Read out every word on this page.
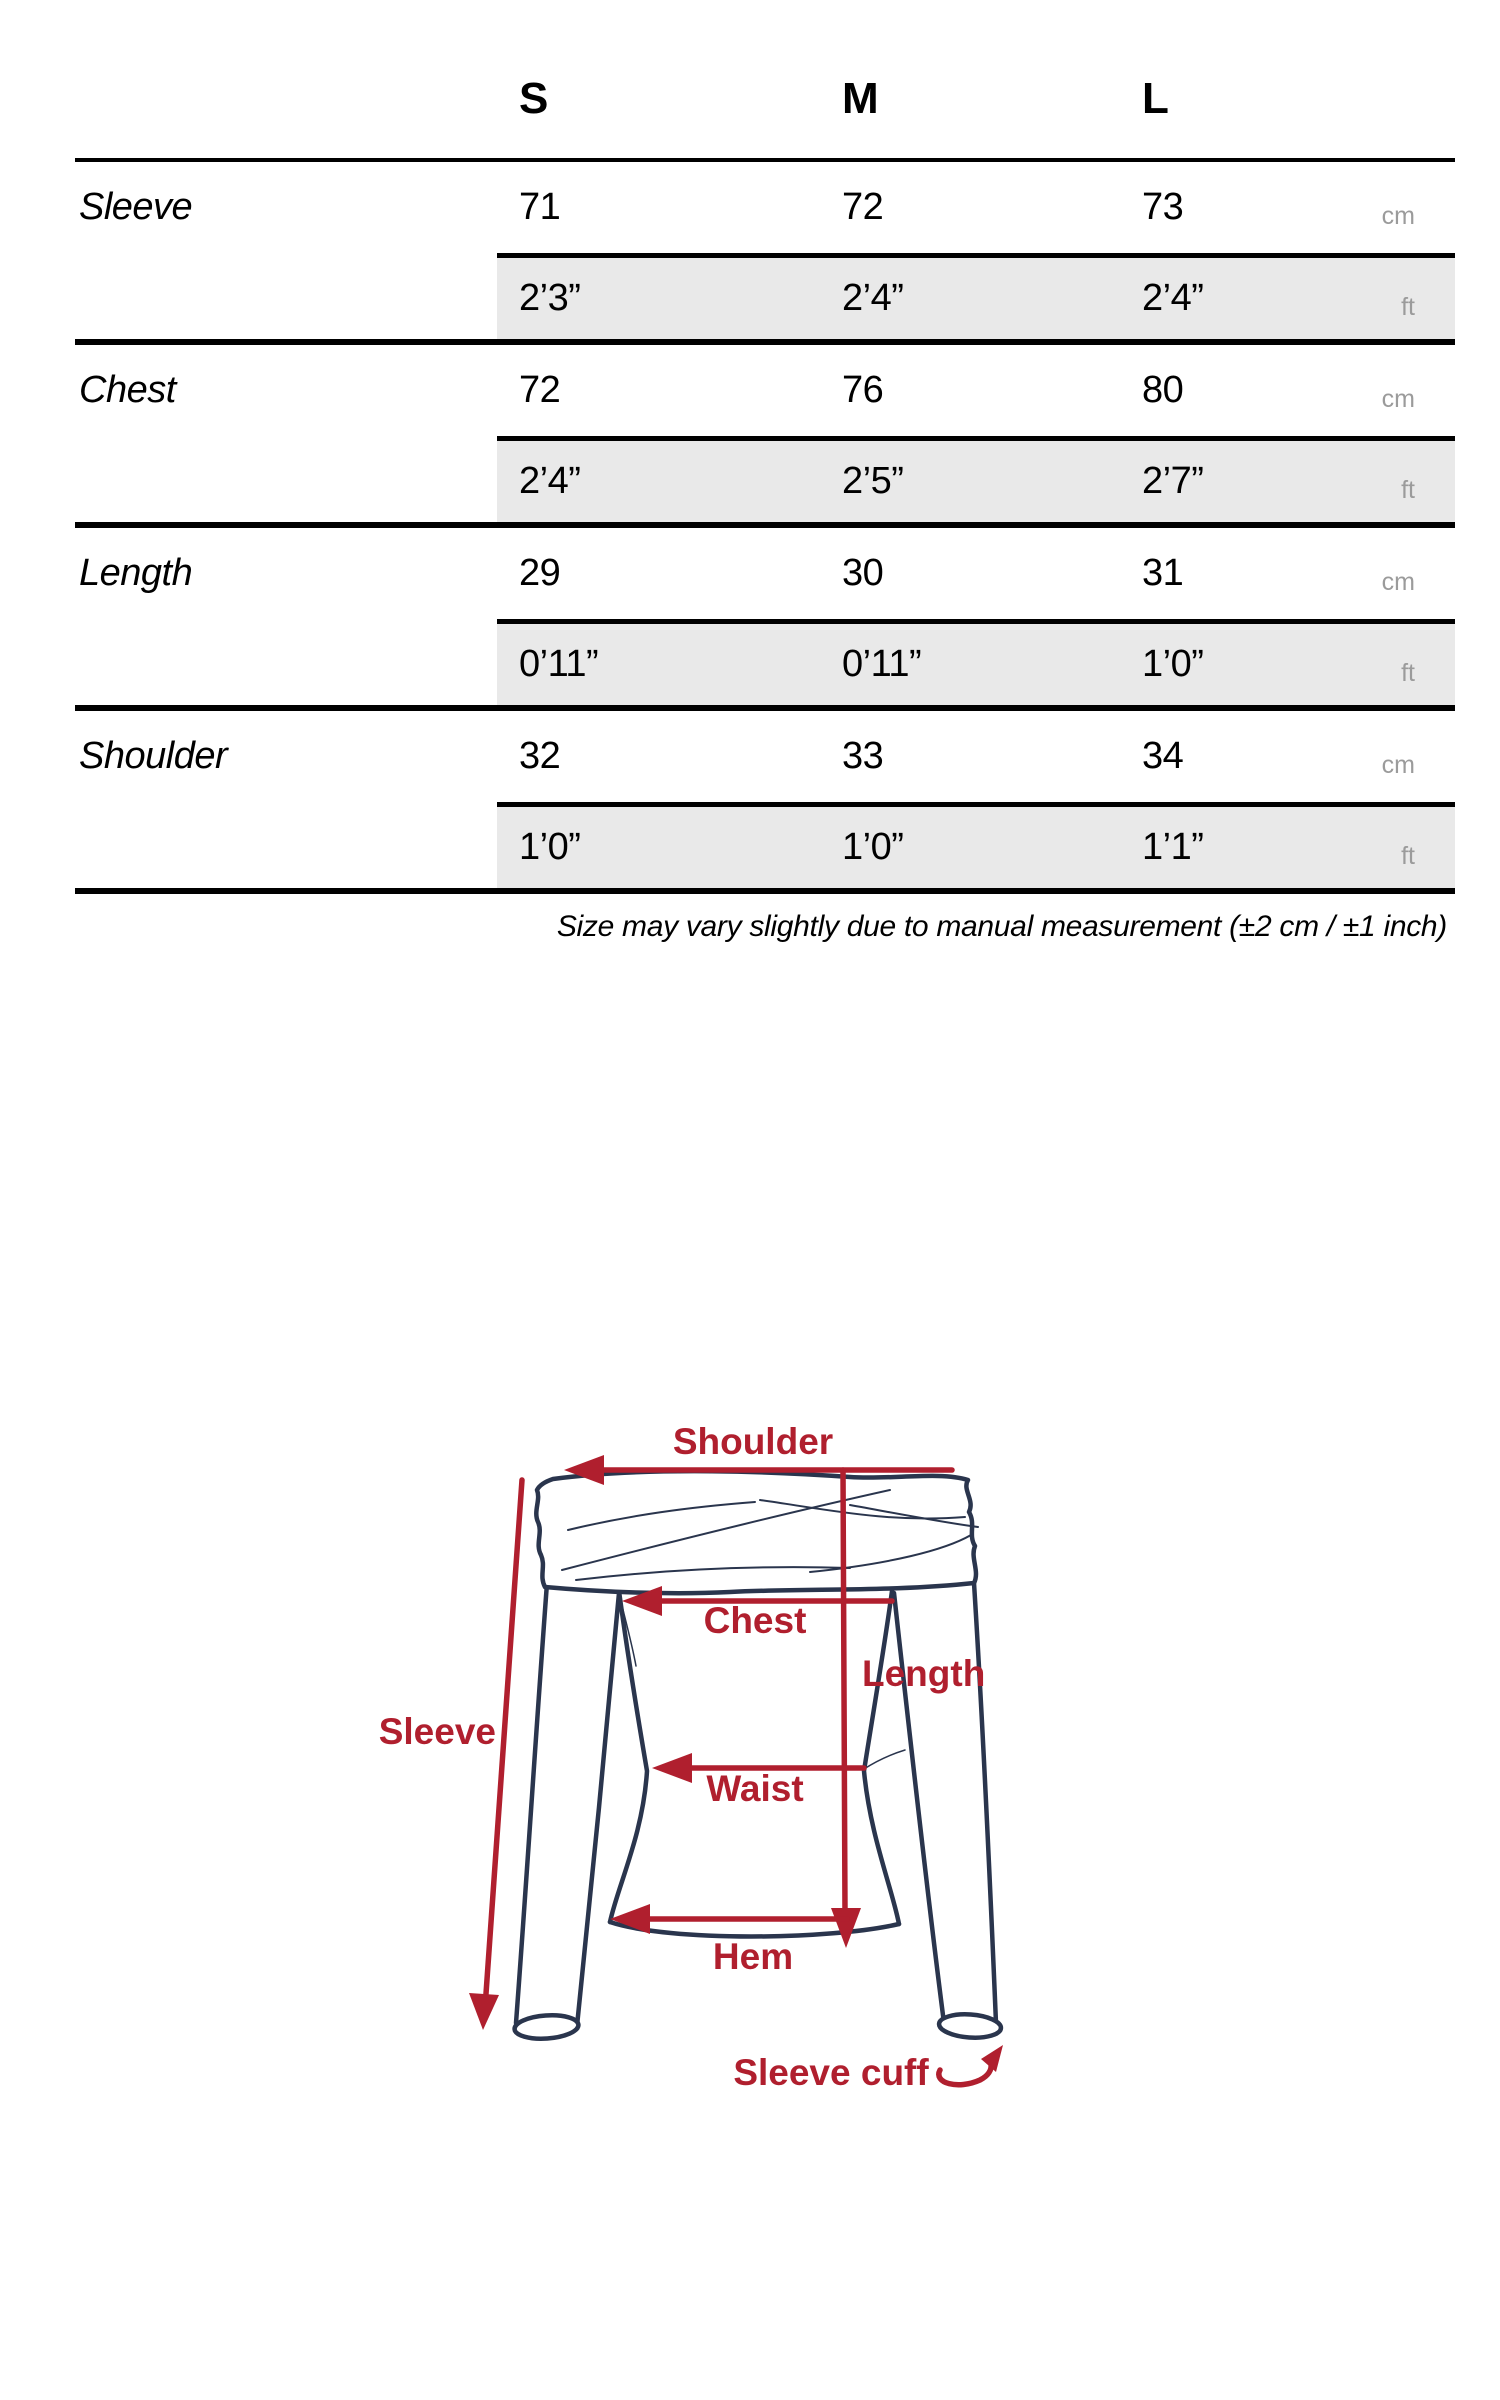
S	M	L
Sleeve	71	72	73	cm
2’3”	2’4”	2’4”	ft
Chest	72	76	80	cm
2’4”	2’5”	2’7”	ft
Length	29	30	31	cm
0’11”	0’11”	1’0”	ft
Shoulder	32	33	34	cm
1’0”	1’0”	1’1”	ft
Size may vary slightly due to manual measurement (±2 cm / ±1 inch)
Shoulder
Length
Chest
Sleeve
Waist
Hem
Sleeve cuff
